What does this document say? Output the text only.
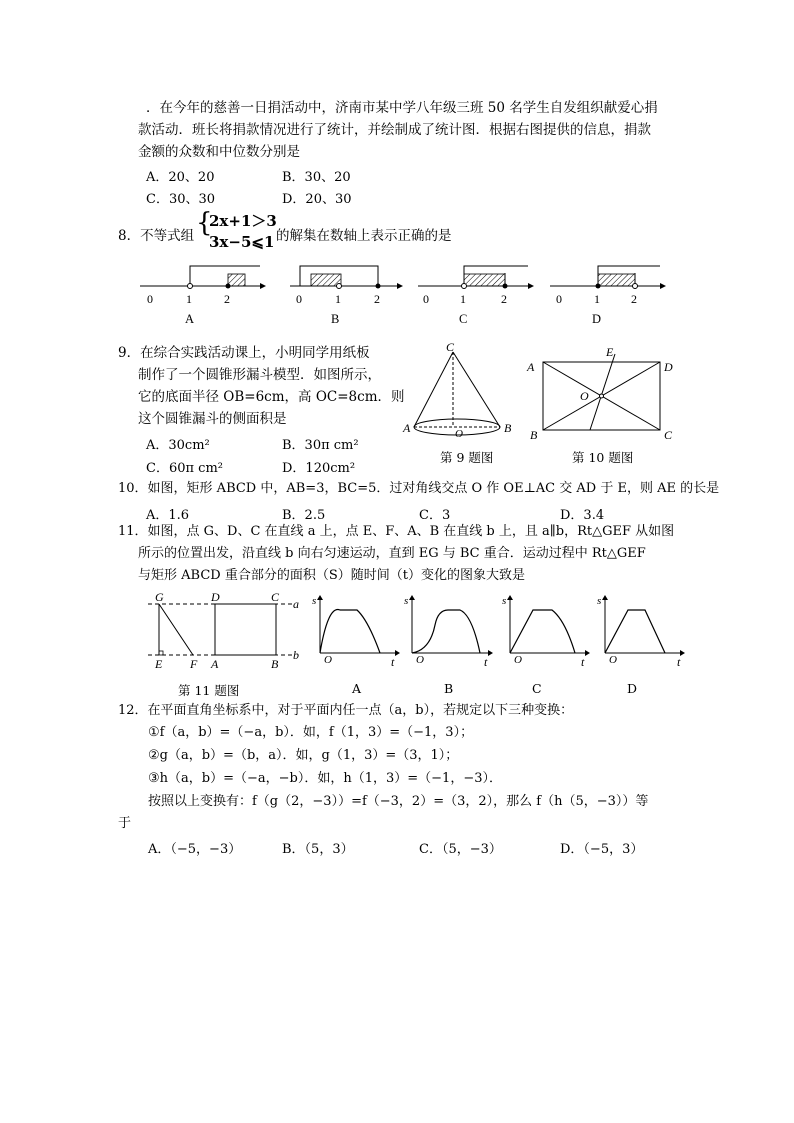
．在今年的慈善一日捐活动中，济南市某中学八年级三班 50 名学生自发组织献爱心捐
款活动．班长将捐款情况进行了统计，并绘制成了统计图．根据右图提供的信息，捐款
金额的众数和中位数分别是
A．20、20	B．30、20
C．30、30	D．20、30
8．不等式组 {
2x+1＞3
3x−5⩽1 的解集在数轴上表示正确的是
0	1	2
A
0	1	2
B
0	1	2
C
0	1	2
D
9．在综合实践活动课上，小明同学用纸板
制作了一个圆锥形漏斗模型．如图所示，
它的底面半径 OB=6cm，高 OC=8cm．则
这个圆锥漏斗的侧面积是
A．30cm²	B．30π cm²
C．60π cm²	D．120cm²
C
A	B
O
第 9 题图
E
A	D
O
B	C
第 10 题图
10．如图，矩形 ABCD 中，AB=3，BC=5．过对角线交点 O 作 OE⊥AC 交 AD 于 E，则 AE 的长是
A．1.6	B．2.5	C．3	D．3.4
11．如图，点 G、D、C 在直线 a 上，点 E、F、A、B 在直线 b 上，且 a∥b，Rt△GEF 从如图
所示的位置出发，沿直线 b 向右匀速运动，直到 EG 与 BC 重合．运动过程中 Rt△GEF
与矩形 ABCD 重合部分的面积（S）随时间（t）变化的图象大致是
G	D	C a
E F A	B
b
s
O	t
s
O	t
s
O	t
s
O	t
第 11 题图	A	B	C	D
12．在平面直角坐标系中，对于平面内任一点（a，b），若规定以下三种变换：
①f（a，b）=（−a，b）．如，f（1，3）=（−1，3）；
②g（a，b）=（b，a）．如，g（1，3）=（3，1）；
③h（a，b）=（−a，−b）．如，h（1，3）=（−1，−3）．
按照以上变换有：f（g（2，−3））=f（−3，2）=（3，2），那么 f（h（5，−3））等
于
A．（−5，−3）	B．（5，3）	C．（5，−3）	D．（−5，3）
